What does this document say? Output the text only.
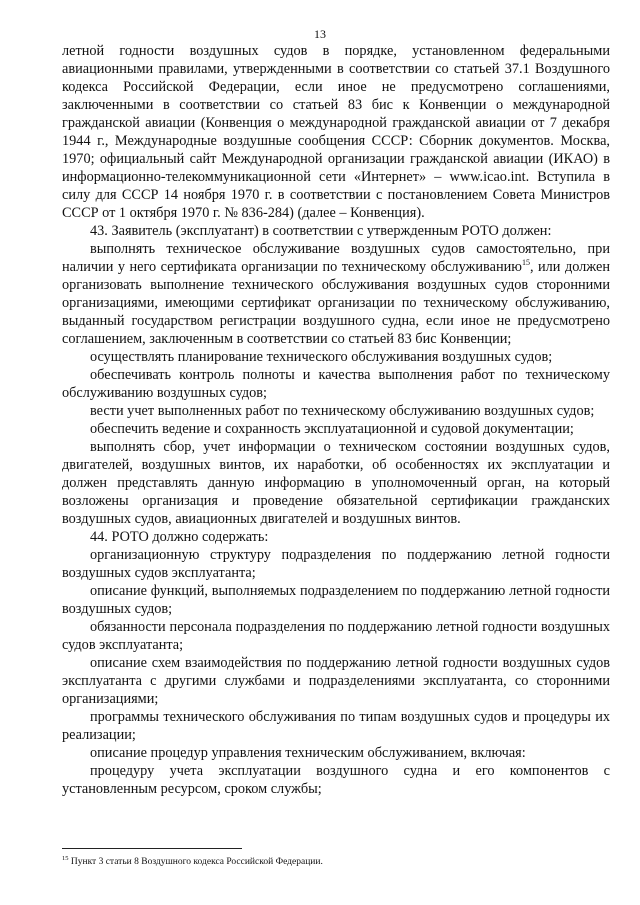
13

летной годности воздушных судов в порядке, установленном федеральными авиационными правилами, утвержденными в соответствии со статьей 37.1 Воздушного кодекса Российской Федерации, если иное не предусмотрено соглашениями, заключенными в соответствии со статьей 83 бис к Конвенции о международной гражданской авиации (Конвенция о международной гражданской авиации от 7 декабря 1944 г., Международные воздушные сообщения СССР: Сборник документов. Москва, 1970; официальный сайт Международной организации гражданской авиации (ИКАО) в информационно-телекоммуникационной сети «Интернет» – www.icao.int. Вступила в силу для СССР 14 ноября 1970 г. в соответствии с постановлением Совета Министров СССР от 1 октября 1970 г. № 836-284) (далее – Конвенция).

43. Заявитель (эксплуатант) в соответствии с утвержденным РОТО должен:

выполнять техническое обслуживание воздушных судов самостоятельно, при наличии у него сертификата организации по техническому обслуживанию$^{15}$, или должен организовать выполнение технического обслуживания воздушных судов сторонними организациями, имеющими сертификат организации по техническому обслуживанию, выданный государством регистрации воздушного судна, если иное не предусмотрено соглашением, заключенным в соответствии со статьей 83 бис Конвенции;

осуществлять планирование технического обслуживания воздушных судов;

обеспечивать контроль полноты и качества выполнения работ по техническому обслуживанию воздушных судов;

вести учет выполненных работ по техническому обслуживанию воздушных судов;

обеспечить ведение и сохранность эксплуатационной и судовой документации;

выполнять сбор, учет информации о техническом состоянии воздушных судов, двигателей, воздушных винтов, их наработки, об особенностях их эксплуатации и должен представлять данную информацию в уполномоченный орган, на который возложены организация и проведение обязательной сертификации гражданских воздушных судов, авиационных двигателей и воздушных винтов.

44. РОТО должно содержать:

организационную структуру подразделения по поддержанию летной годности воздушных судов эксплуатанта;

описание функций, выполняемых подразделением по поддержанию летной годности воздушных судов;

обязанности персонала подразделения по поддержанию летной годности воздушных судов эксплуатанта;

описание схем взаимодействия по поддержанию летной годности воздушных судов эксплуатанта с другими службами и подразделениями эксплуатанта, со сторонними организациями;

программы технического обслуживания по типам воздушных судов и процедуры их реализации;

описание процедур управления техническим обслуживанием, включая:

процедуру учета эксплуатации воздушного судна и его компонентов с установленным ресурсом, сроком службы;

$^{15}$ Пункт 3 статьи 8 Воздушного кодекса Российской Федерации.
